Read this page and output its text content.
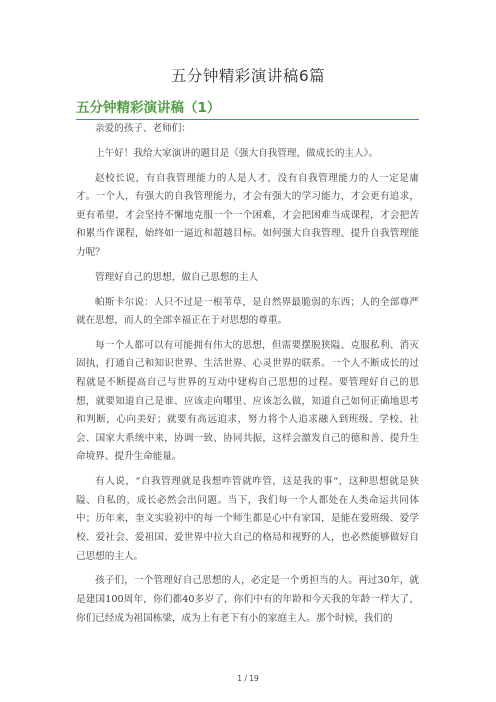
五分钟精彩演讲稿6篇
五分钟精彩演讲稿（1）

亲爱的孩子、老师们：

上午好！我给大家演讲的题目是《强大自我管理，做成长的主人》。

赵校长说，有自我管理能力的人是人才，没有自我管理能力的人一定是庸才。一个人，有强大的自我管理能力，才会有强大的学习能力，才会更有追求，更有希望，才会坚持不懈地克服一个一个困难，才会把困难当成课程，才会把苦和累当作课程，始终如一逼近和超越目标。如何强大自我管理、提升自我管理能力呢？

管理好自己的思想，做自己思想的主人

帕斯卡尔说：人只不过是一根苇草，是自然界最脆弱的东西；人的全部尊严就在思想，而人的全部幸福正在于对思想的尊重。

每一个人都可以有可能拥有伟大的思想，但需要摆脱狭隘、克服私利、消灭固执，打通自己和知识世界、生活世界、心灵世界的联系。一个人不断成长的过程就是不断提高自己与世界的互动中建构自己思想的过程。要管理好自己的思想，就要知道自己是谁、应该走向哪里、应该怎么做，知道自己如何正确地思考和判断，心向美好；就要有高远追求，努力将个人追求融入到班级、学校、社会、国家大系统中来，协调一致、协同共振，这样会激发自己的德和善、提升生命境界、提升生命能量。

有人说，“自我管理就是我想咋管就咋管，这是我的事“，这种思想就是狭隘、自私的，成长必然会出问题。当下，我们每一个人都处在人类命运共同体中；历年来，奎文实验初中的每一个师生都是心中有家国，是能在爱班级、爱学校、爱社会、爱祖国、爱世界中拉大自己的格局和视野的人，也必然能够做好自己思想的主人。

孩子们，一个管理好自己思想的人，必定是一个勇担当的人。再过30年，就是建国100周年，你们都40多岁了，你们中有的年龄和今天我的年龄一样大了，你们已经成为祖国栋梁，成为上有老下有小的家庭主人。那个时候，我们的

1 / 19
